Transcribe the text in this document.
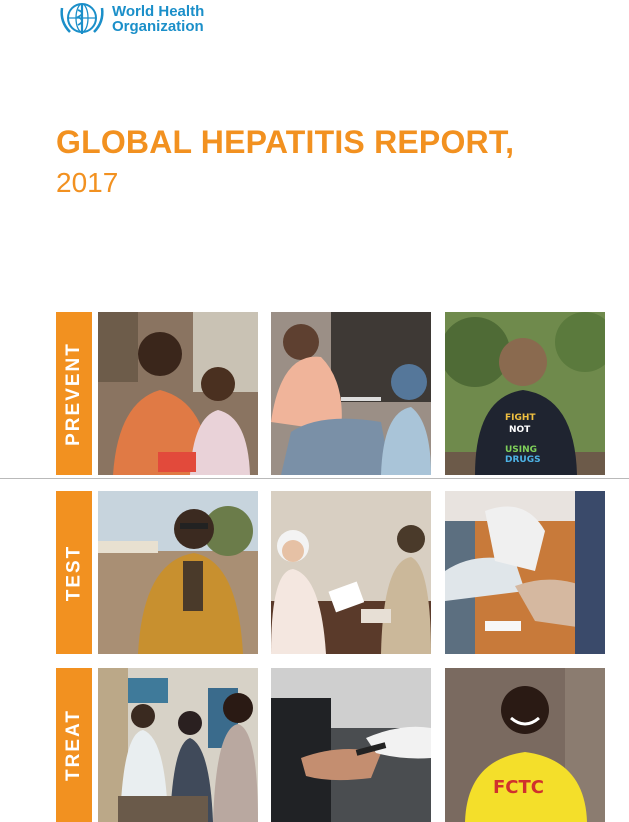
World Health
Organization
GLOBAL HEPATITIS REPORT,
2017
PREVENT	FIGHT
NOT
USING
DRUGS
TEST
TREAT
FCTC
